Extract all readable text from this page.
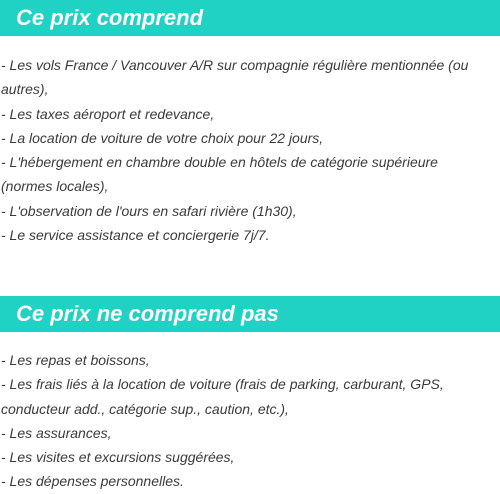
Ce prix comprend
- Les vols France / Vancouver A/R sur compagnie régulière mentionnée (ou autres),
- Les taxes aéroport et redevance,
- La location de voiture de votre choix pour 22 jours,
- L'hébergement en chambre double en hôtels de catégorie supérieure (normes locales),
- L'observation de l'ours en safari rivière (1h30),
- Le service assistance et conciergerie 7j/7.
Ce prix ne comprend pas
- Les repas et boissons,
- Les frais liés à la location de voiture (frais de parking, carburant, GPS, conducteur add., catégorie sup., caution, etc.),
- Les assurances,
- Les visites et excursions suggérées,
- Les dépenses personnelles.
